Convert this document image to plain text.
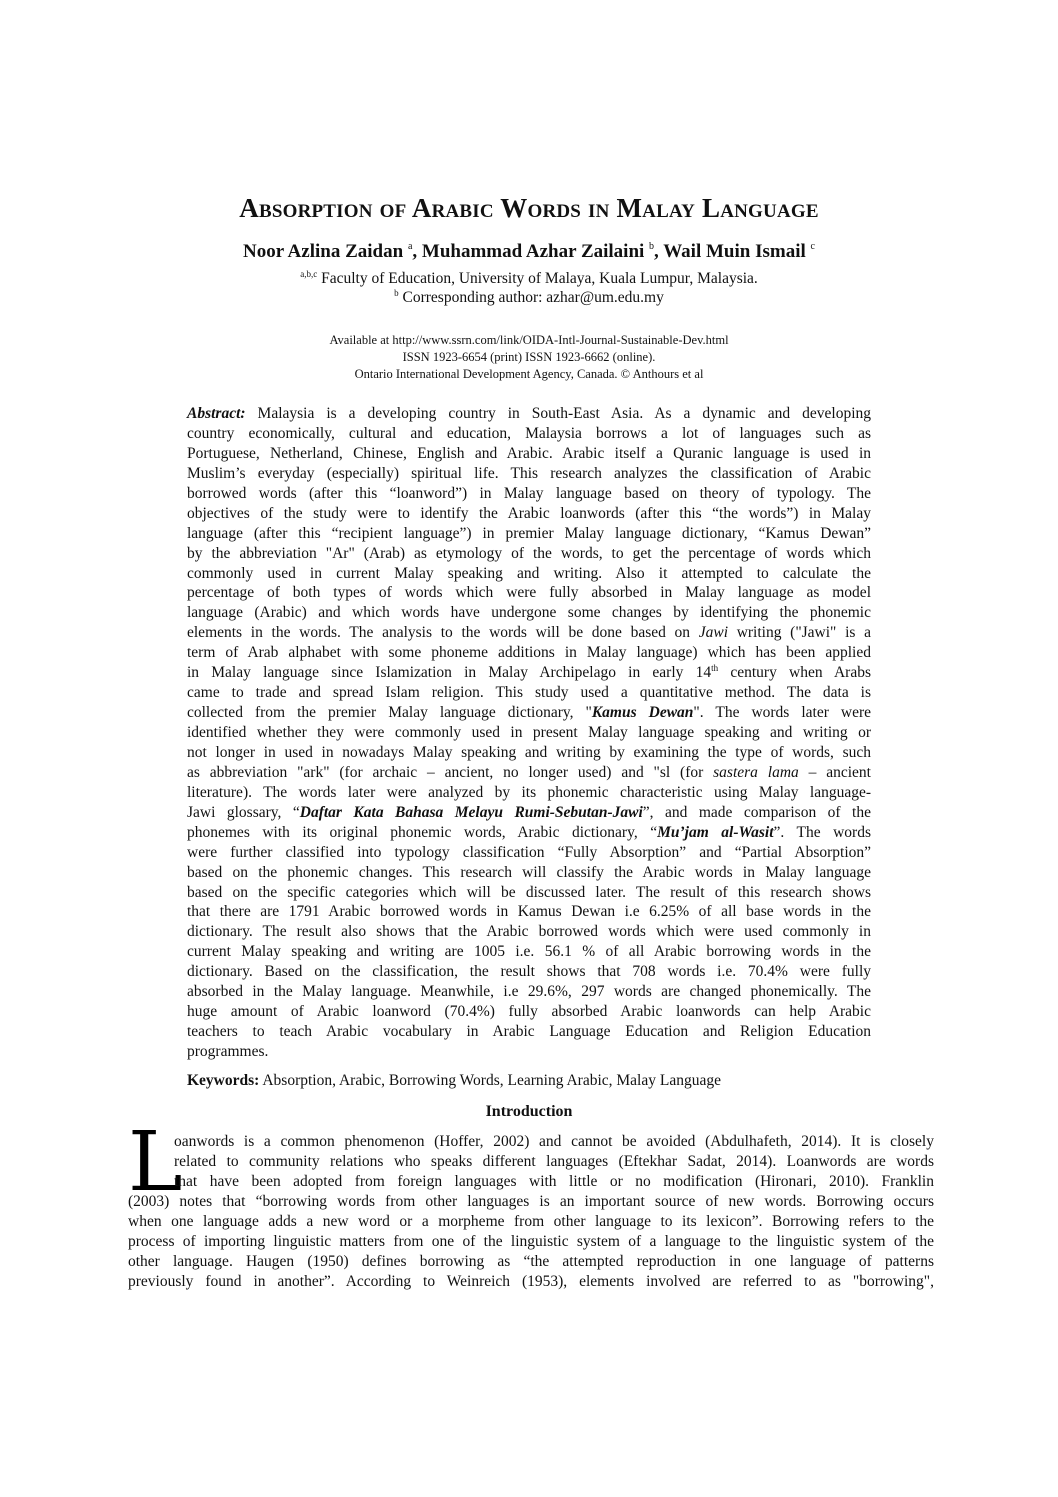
Absorption of Arabic Words in Malay Language
Noor Azlina Zaidan $^a$, Muhammad Azhar Zailaini $^b$, Wail Muin Ismail $^c$
$^{a,b,c}$ Faculty of Education, University of Malaya, Kuala Lumpur, Malaysia.
$^b$ Corresponding author: azhar@um.edu.my
Available at http://www.ssrn.com/link/OIDA-Intl-Journal-Sustainable-Dev.html
ISSN 1923-6654 (print) ISSN 1923-6662 (online).
Ontario International Development Agency, Canada. © Anthours et al
Abstract: Malaysia is a developing country in South-East Asia. As a dynamic and developing
country economically, cultural and education, Malaysia borrows a lot of languages such as
Portuguese, Netherland, Chinese, English and Arabic. Arabic itself a Quranic language is used in
Muslim’s everyday (especially) spiritual life. This research analyzes the classification of Arabic
borrowed words (after this “loanword”) in Malay language based on theory of typology. The
objectives of the study were to identify the Arabic loanwords (after this “the words”) in Malay
language (after this “recipient language”) in premier Malay language dictionary, “Kamus Dewan”
by the abbreviation "Ar" (Arab) as etymology of the words, to get the percentage of words which
commonly used in current Malay speaking and writing. Also it attempted to calculate the
percentage of both types of words which were fully absorbed in Malay language as model
language (Arabic) and which words have undergone some changes by identifying the phonemic
elements in the words. The analysis to the words will be done based on Jawi writing ("Jawi" is a
term of Arab alphabet with some phoneme additions in Malay language) which has been applied
in Malay language since Islamization in Malay Archipelago in early 14th century when Arabs
came to trade and spread Islam religion. This study used a quantitative method. The data is
collected from the premier Malay language dictionary, "Kamus Dewan". The words later were
identified whether they were commonly used in present Malay language speaking and writing or
not longer in used in nowadays Malay speaking and writing by examining the type of words, such
as abbreviation "ark" (for archaic – ancient, no longer used) and "sl (for sastera lama – ancient
literature). The words later were analyzed by its phonemic characteristic using Malay language-
Jawi glossary, “Daftar Kata Bahasa Melayu Rumi-Sebutan-Jawi”, and made comparison of the
phonemes with its original phonemic words, Arabic dictionary, “Mu’jam al-Wasit”. The words
were further classified into typology classification “Fully Absorption” and “Partial Absorption”
based on the phonemic changes. This research will classify the Arabic words in Malay language
based on the specific categories which will be discussed later. The result of this research shows
that there are 1791 Arabic borrowed words in Kamus Dewan i.e 6.25% of all base words in the
dictionary. The result also shows that the Arabic borrowed words which were used commonly in
current Malay speaking and writing are 1005 i.e. 56.1 % of all Arabic borrowing words in the
dictionary. Based on the classification, the result shows that 708 words i.e. 70.4% were fully
absorbed in the Malay language. Meanwhile, i.e 29.6%, 297 words are changed phonemically. The
huge amount of Arabic loanword (70.4%) fully absorbed Arabic loanwords can help Arabic
teachers to teach Arabic vocabulary in Arabic Language Education and Religion Education
programmes.
Keywords: Absorption, Arabic, Borrowing Words, Learning Arabic, Malay Language
Introduction
L
oanwords is a common phenomenon (Hoffer, 2002) and cannot be avoided (Abdulhafeth, 2014). It is closely
related to community relations who speaks different languages (Eftekhar Sadat, 2014). Loanwords are words
that have been adopted from foreign languages with little or no modification (Hironari, 2010). Franklin
(2003) notes that “borrowing words from other languages is an important source of new words. Borrowing occurs
when one language adds a new word or a morpheme from other language to its lexicon”. Borrowing refers to the
process of importing linguistic matters from one of the linguistic system of a language to the linguistic system of the
other language. Haugen (1950) defines borrowing as “the attempted reproduction in one language of patterns
previously found in another”. According to Weinreich (1953), elements involved are referred to as "borrowing",
